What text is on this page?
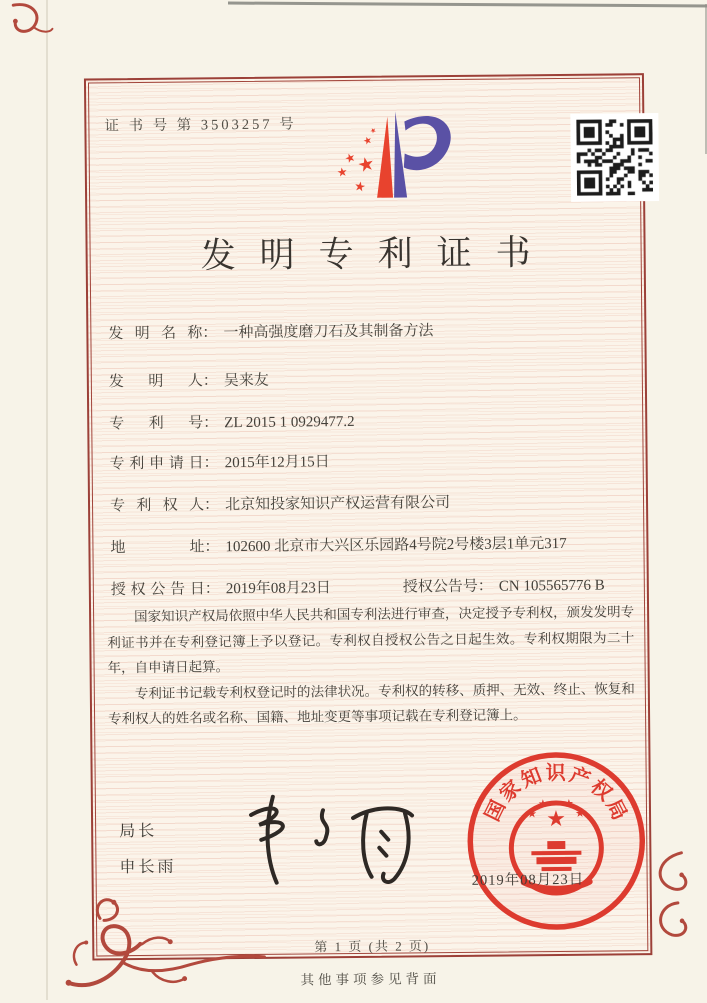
证 书 号 第 3503257 号
★
★
★
★
★
★
发明专利证书
发明名称： 一种高强度磨刀石及其制备方法
发明人： 吴来友
专利号： ZL 2015 1 0929477.2
专利申请日： 2015年12月15日
专利权人： 北京知投家知识产权运营有限公司
地址： 102600 北京市大兴区乐园路4号院2号楼3层1单元317
授权公告日： 2019年08月23日	授权公告号： CN 105565776 B

国家知识产权局依照中华人民共和国专利法进行审查，决定授予专利权，颁发发明专利证书并在专利登记簿上予以登记。专利权自授权公告之日起生效。专利权期限为二十年，自申请日起算。

专利证书记载专利权登记时的法律状况。专利权的转移、质押、无效、终止、恢复和专利权人的姓名或名称、国籍、地址变更等事项记载在专利登记簿上。

局长
申长雨
★
★
★ ★
★
国
家
知 识 产
权
局
2019年08月23日
第 1 页 (共 2 页)
其他事项参见背面
